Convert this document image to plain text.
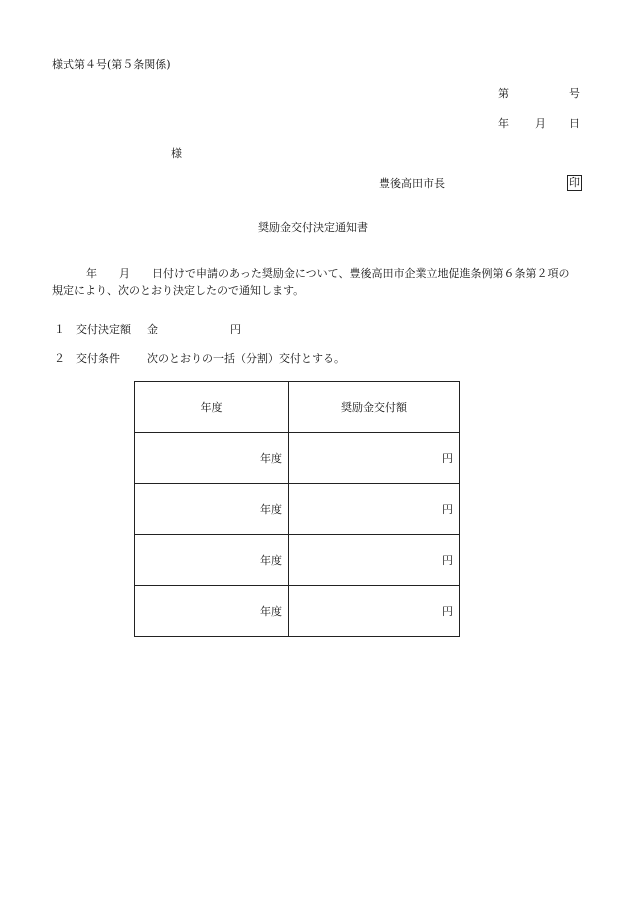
様式第４号(第５条関係)
第	号
年 月 日
様
豊後高田市長	印
奨励金交付決定通知書
年　　月　　日付けで申請のあった奨励金について、豊後高田市企業立地促進条例第６条第２項の規定により、次のとおり決定したので通知します。
１ 交付決定額 金	円
２ 交付条件 次のとおりの一括（分割）交付とする。
年度	奨励金交付額
年度	円
年度	円
年度	円
年度	円
